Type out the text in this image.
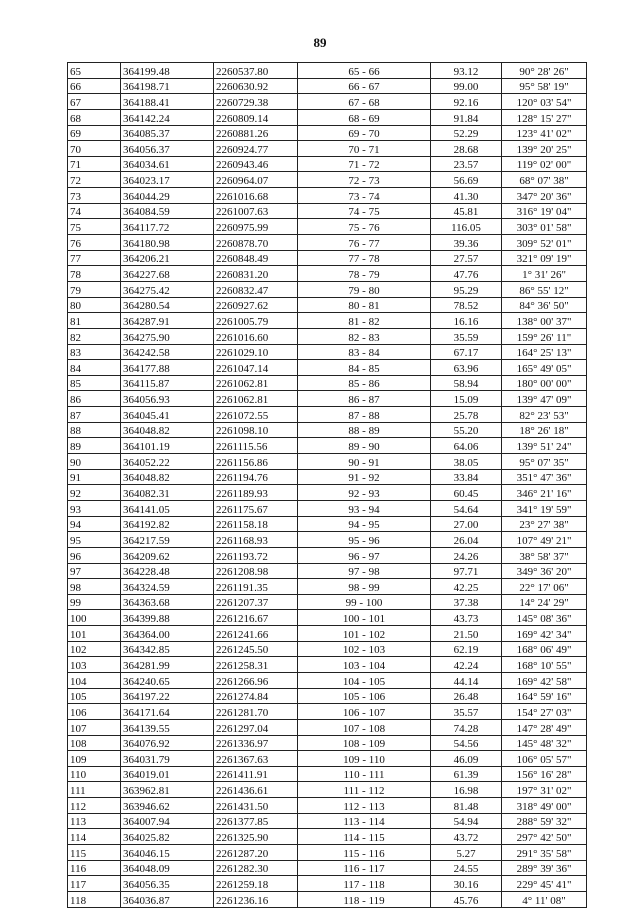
89
65	364199.48	2260537.80	65 - 66	93.12	90° 28' 26"
66	364198.71	2260630.92	66 - 67	99.00	95° 58' 19"
67	364188.41	2260729.38	67 - 68	92.16	120° 03' 54"
68	364142.24	2260809.14	68 - 69	91.84	128° 15' 27"
69	364085.37	2260881.26	69 - 70	52.29	123° 41' 02"
70	364056.37	2260924.77	70 - 71	28.68	139° 20' 25"
71	364034.61	2260943.46	71 - 72	23.57	119° 02' 00"
72	364023.17	2260964.07	72 - 73	56.69	68° 07' 38"
73	364044.29	2261016.68	73 - 74	41.30	347° 20' 36"
74	364084.59	2261007.63	74 - 75	45.81	316° 19' 04"
75	364117.72	2260975.99	75 - 76	116.05	303° 01' 58"
76	364180.98	2260878.70	76 - 77	39.36	309° 52' 01"
77	364206.21	2260848.49	77 - 78	27.57	321° 09' 19"
78	364227.68	2260831.20	78 - 79	47.76	1° 31' 26"
79	364275.42	2260832.47	79 - 80	95.29	86° 55' 12"
80	364280.54	2260927.62	80 - 81	78.52	84° 36' 50"
81	364287.91	2261005.79	81 - 82	16.16	138° 00' 37"
82	364275.90	2261016.60	82 - 83	35.59	159° 26' 11"
83	364242.58	2261029.10	83 - 84	67.17	164° 25' 13"
84	364177.88	2261047.14	84 - 85	63.96	165° 49' 05"
85	364115.87	2261062.81	85 - 86	58.94	180° 00' 00"
86	364056.93	2261062.81	86 - 87	15.09	139° 47' 09"
87	364045.41	2261072.55	87 - 88	25.78	82° 23' 53"
88	364048.82	2261098.10	88 - 89	55.20	18° 26' 18"
89	364101.19	2261115.56	89 - 90	64.06	139° 51' 24"
90	364052.22	2261156.86	90 - 91	38.05	95° 07' 35"
91	364048.82	2261194.76	91 - 92	33.84	351° 47' 36"
92	364082.31	2261189.93	92 - 93	60.45	346° 21' 16"
93	364141.05	2261175.67	93 - 94	54.64	341° 19' 59"
94	364192.82	2261158.18	94 - 95	27.00	23° 27' 38"
95	364217.59	2261168.93	95 - 96	26.04	107° 49' 21"
96	364209.62	2261193.72	96 - 97	24.26	38° 58' 37"
97	364228.48	2261208.98	97 - 98	97.71	349° 36' 20"
98	364324.59	2261191.35	98 - 99	42.25	22° 17' 06"
99	364363.68	2261207.37	99 - 100	37.38	14° 24' 29"
100	364399.88	2261216.67	100 - 101	43.73	145° 08' 36"
101	364364.00	2261241.66	101 - 102	21.50	169° 42' 34"
102	364342.85	2261245.50	102 - 103	62.19	168° 06' 49"
103	364281.99	2261258.31	103 - 104	42.24	168° 10' 55"
104	364240.65	2261266.96	104 - 105	44.14	169° 42' 58"
105	364197.22	2261274.84	105 - 106	26.48	164° 59' 16"
106	364171.64	2261281.70	106 - 107	35.57	154° 27' 03"
107	364139.55	2261297.04	107 - 108	74.28	147° 28' 49"
108	364076.92	2261336.97	108 - 109	54.56	145° 48' 32"
109	364031.79	2261367.63	109 - 110	46.09	106° 05' 57"
110	364019.01	2261411.91	110 - 111	61.39	156° 16' 28"
111	363962.81	2261436.61	111 - 112	16.98	197° 31' 02"
112	363946.62	2261431.50	112 - 113	81.48	318° 49' 00"
113	364007.94	2261377.85	113 - 114	54.94	288° 59' 32"
114	364025.82	2261325.90	114 - 115	43.72	297° 42' 50"
115	364046.15	2261287.20	115 - 116	5.27	291° 35' 58"
116	364048.09	2261282.30	116 - 117	24.55	289° 39' 36"
117	364056.35	2261259.18	117 - 118	30.16	229° 45' 41"
118	364036.87	2261236.16	118 - 119	45.76	4° 11' 08"
